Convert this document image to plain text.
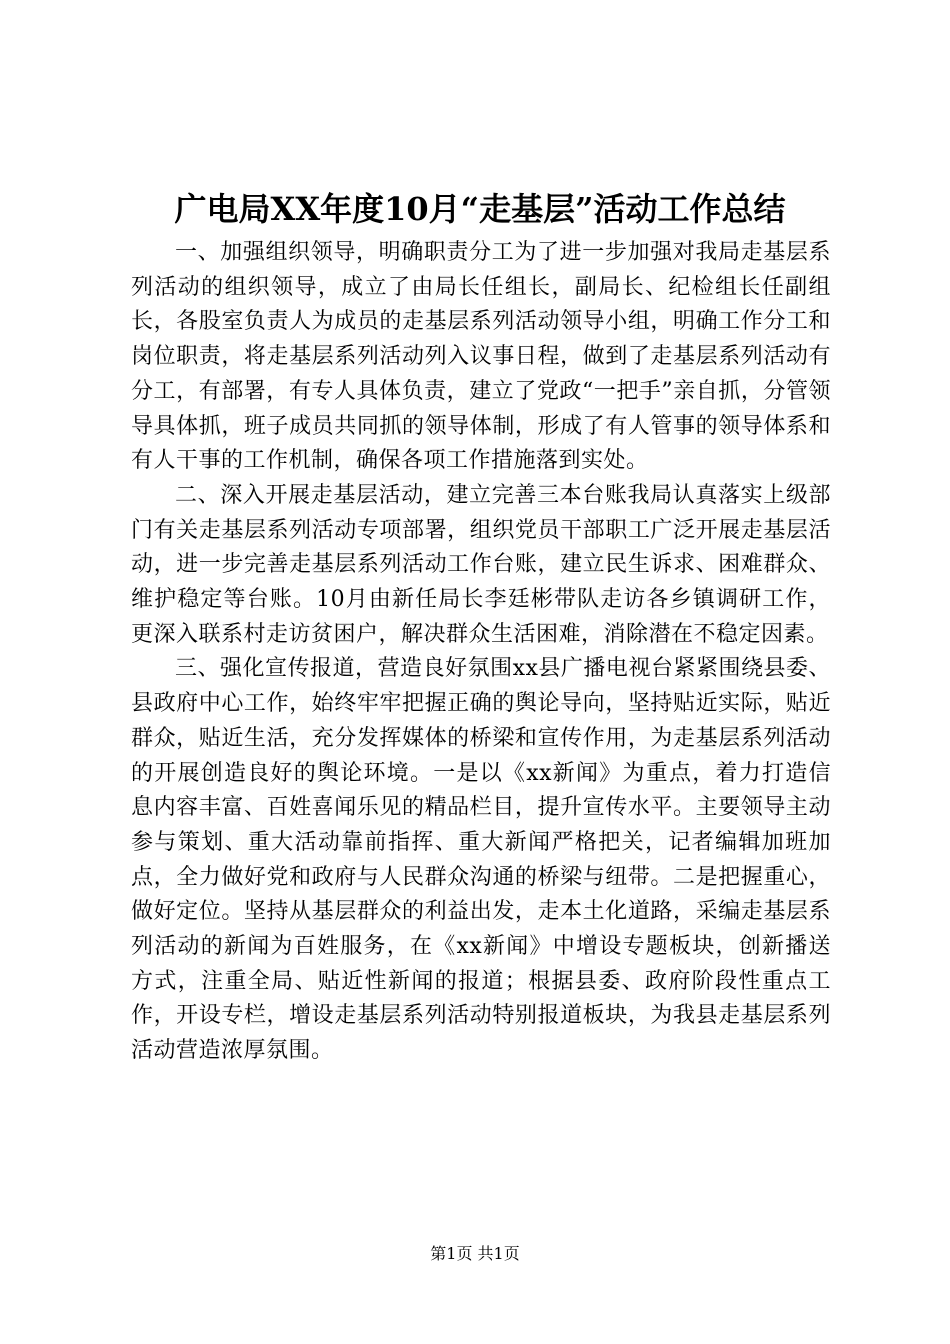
广电局XX年度10月“走基层”活动工作总结

一、加强组织领导，明确职责分工为了进一步加强对我局走基层系列活动的组织领导，成立了由局长任组长，副局长、纪检组长任副组长，各股室负责人为成员的走基层系列活动领导小组，明确工作分工和岗位职责，将走基层系列活动列入议事日程，做到了走基层系列活动有分工，有部署，有专人具体负责，建立了党政“一把手”亲自抓，分管领导具体抓，班子成员共同抓的领导体制，形成了有人管事的领导体系和有人干事的工作机制，确保各项工作措施落到实处。

二、深入开展走基层活动，建立完善三本台账我局认真落实上级部门有关走基层系列活动专项部署，组织党员干部职工广泛开展走基层活动，进一步完善走基层系列活动工作台账，建立民生诉求、困难群众、维护稳定等台账。10月由新任局长李廷彬带队走访各乡镇调研工作，更深入联系村走访贫困户，解决群众生活困难，消除潜在不稳定因素。

三、强化宣传报道，营造良好氛围xx县广播电视台紧紧围绕县委、县政府中心工作，始终牢牢把握正确的舆论导向，坚持贴近实际，贴近群众，贴近生活，充分发挥媒体的桥梁和宣传作用，为走基层系列活动的开展创造良好的舆论环境。一是以《xx新闻》为重点，着力打造信息内容丰富、百姓喜闻乐见的精品栏目，提升宣传水平。主要领导主动参与策划、重大活动靠前指挥、重大新闻严格把关，记者编辑加班加点，全力做好党和政府与人民群众沟通的桥梁与纽带。二是把握重心，做好定位。坚持从基层群众的利益出发，走本土化道路，采编走基层系列活动的新闻为百姓服务，在《xx新闻》中增设专题板块，创新播送方式，注重全局、贴近性新闻的报道；根据县委、政府阶段性重点工作，开设专栏，增设走基层系列活动特别报道板块，为我县走基层系列活动营造浓厚氛围。

第1页 共1页
